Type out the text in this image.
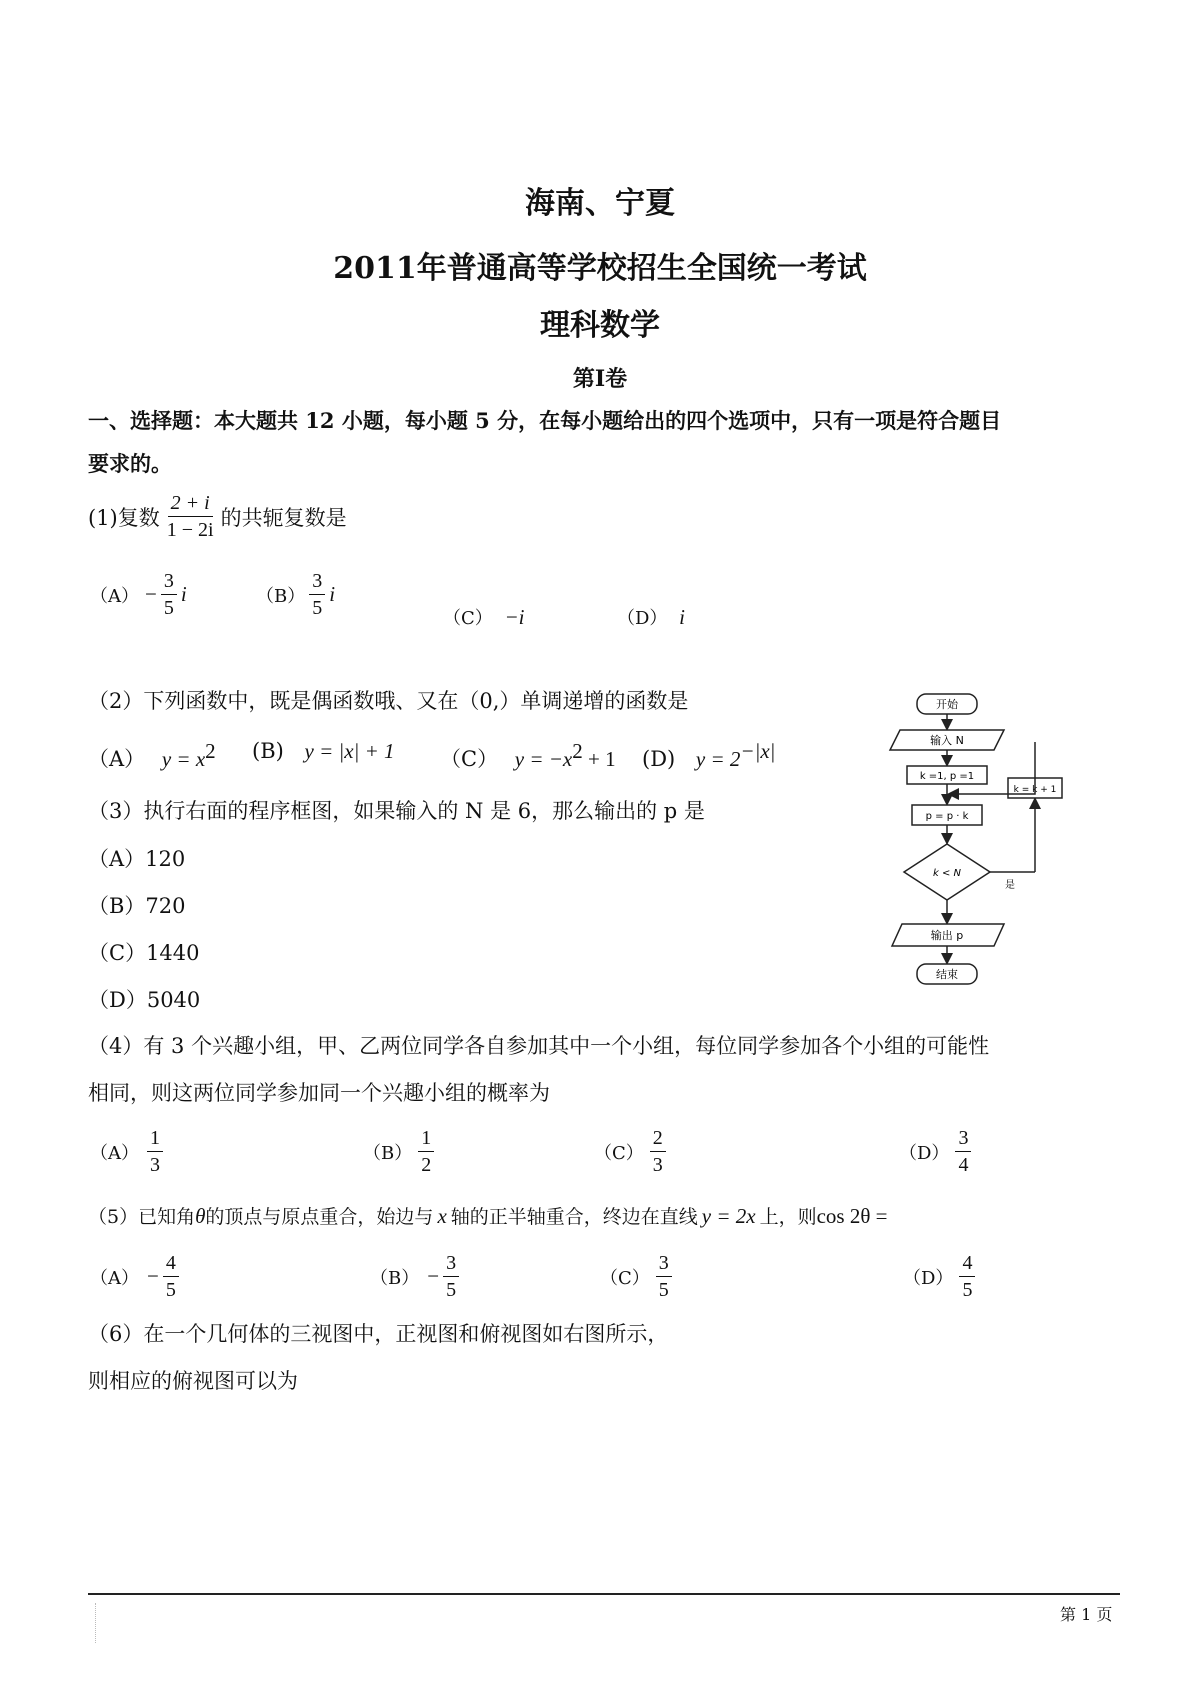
海南、宁夏
2011年普通高等学校招生全国统一考试
理科数学
第Ⅰ卷
一、选择题：本大题共 12 小题，每小题 5 分，在每小题给出的四个选项中，只有一项是符合题目
要求的。
(1)复数 $\frac{2 + i}{1 - 2i}$ 的共轭复数是
$(A) - \frac{3}{5}$ i	$(B) \frac{3}{5}$ i
（C） −i	（D） i
（2）下列函数中，既是偶函数哦、又在（0,）单调递增的函数是
（A） $y = x^2$ (B) y = |x| + 1 （C） $y = -x^2 + 1$ (D) $y = 2^{-|x|}$
（3）执行右面的程序框图，如果输入的 N 是 6，那么输出的 p 是
（A）120
（B）720
（C）1440
（D）5040
开始
输入 N
k =1, p =1
p = p · k
k < N
是
k = k + 1
输出 p
结束
（4）有 3 个兴趣小组，甲、乙两位同学各自参加其中一个小组，每位同学参加各个小组的可能性
相同，则这两位同学参加同一个兴趣小组的概率为
$(A) \frac{1}{3}$	$(B) \frac{1}{2}$	$(C) \frac{2}{3}$	$(D) \frac{3}{4}$
（5）已知角θ的顶点与原点重合，始边与 x 轴的正半轴重合，终边在直线 y = 2x 上，则cos 2θ =
$(A) - \frac{4}{5}$	$(B) - \frac{3}{5}$	$(C) \frac{3}{5}$	$(D) \frac{4}{5}$
（6）在一个几何体的三视图中，正视图和俯视图如右图所示，
则相应的俯视图可以为
第 1 页
